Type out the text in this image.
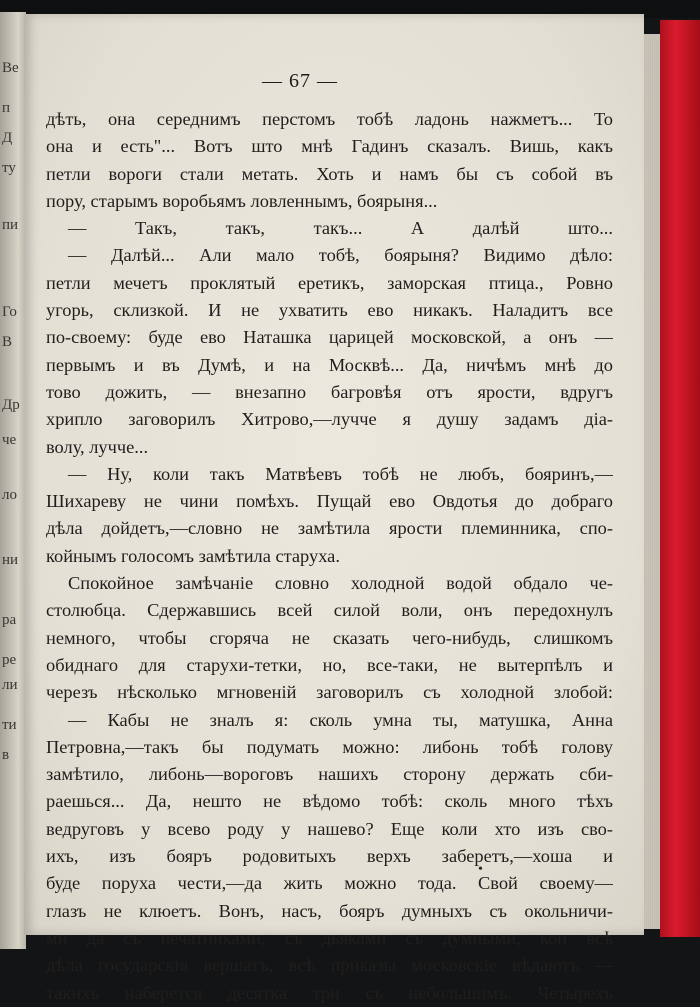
Ве
п
Д
ту
пи
Го
В
Др
че
ло
ни
ра
ре
ли
ти
в
— 67 —
дѣть, она середнимъ перстомъ тобѣ ладонь нажметъ... То
она и есть"... Вотъ што мнѣ Гадинъ сказалъ. Вишь, какъ
петли вороги стали метать. Хоть и намъ бы съ собой въ
пору, старымъ воробьямъ ловленнымъ, боярыня...
— Такъ, такъ, такъ... А далѣй што...
— Далѣй... Али мало тобѣ, боярыня? Видимо дѣло:
петли мечетъ проклятый еретикъ, заморская птица., Ровно
угорь, склизкой. И не ухватить ево никакъ. Наладитъ все
по-своему: буде ево Наташка царицей московской, а онъ —
первымъ и въ Думѣ, и на Москвѣ... Да, ничѣмъ мнѣ до
тово дожить, — внезапно багровѣя отъ ярости, вдругъ
хрипло заговорилъ Хитрово,—лучче я душу задамъ діа-
волу, лучче...
— Ну, коли такъ Матвѣевъ тобѣ не любъ, бояринъ,—
Шихареву не чини помѣхъ. Пущай ево Овдотья до добраго
дѣла дойдетъ,—словно не замѣтила ярости племинника, спо-
койнымъ голосомъ замѣтила старуха.
Спокойное замѣчаніе словно холодной водой обдало че-
столюбца. Сдержавшись всей силой воли, онъ передохнулъ
немного, чтобы сгоряча не сказать чего-нибудь, слишкомъ
обиднаго для старухи-тетки, но, все-таки, не вытерпѣлъ и
черезъ нѣсколько мгновеній заговорилъ съ холодной злобой:
— Кабы не зналъ я: сколь умна ты, матушка, Анна
Петровна,—такъ бы подумать можно: либонь тобѣ голову
замѣтило, либонь—вороговъ нашихъ сторону держать сби-
раешься... Да, нешто не вѣдомо тобѣ: сколь много тѣхъ
ведруговъ у всево роду у нашево? Еще коли хто изъ сво-
ихъ, изъ бояръ родовитыхъ верхъ заберетъ,—хоша и
буде поруха чести,—да жить можно тода. Свой своему—
глазъ не клюетъ. Вонъ, насъ, бояръ думныхъ съ окольничи-
ми да съ печатниками, съ дьяками съ думными, кои всѣ
дѣла государскія вершатъ, всѣ приказы московскіе вѣдаютъ —
такихъ наберется десятка три съ небольшимъ. Четырехъ
•
